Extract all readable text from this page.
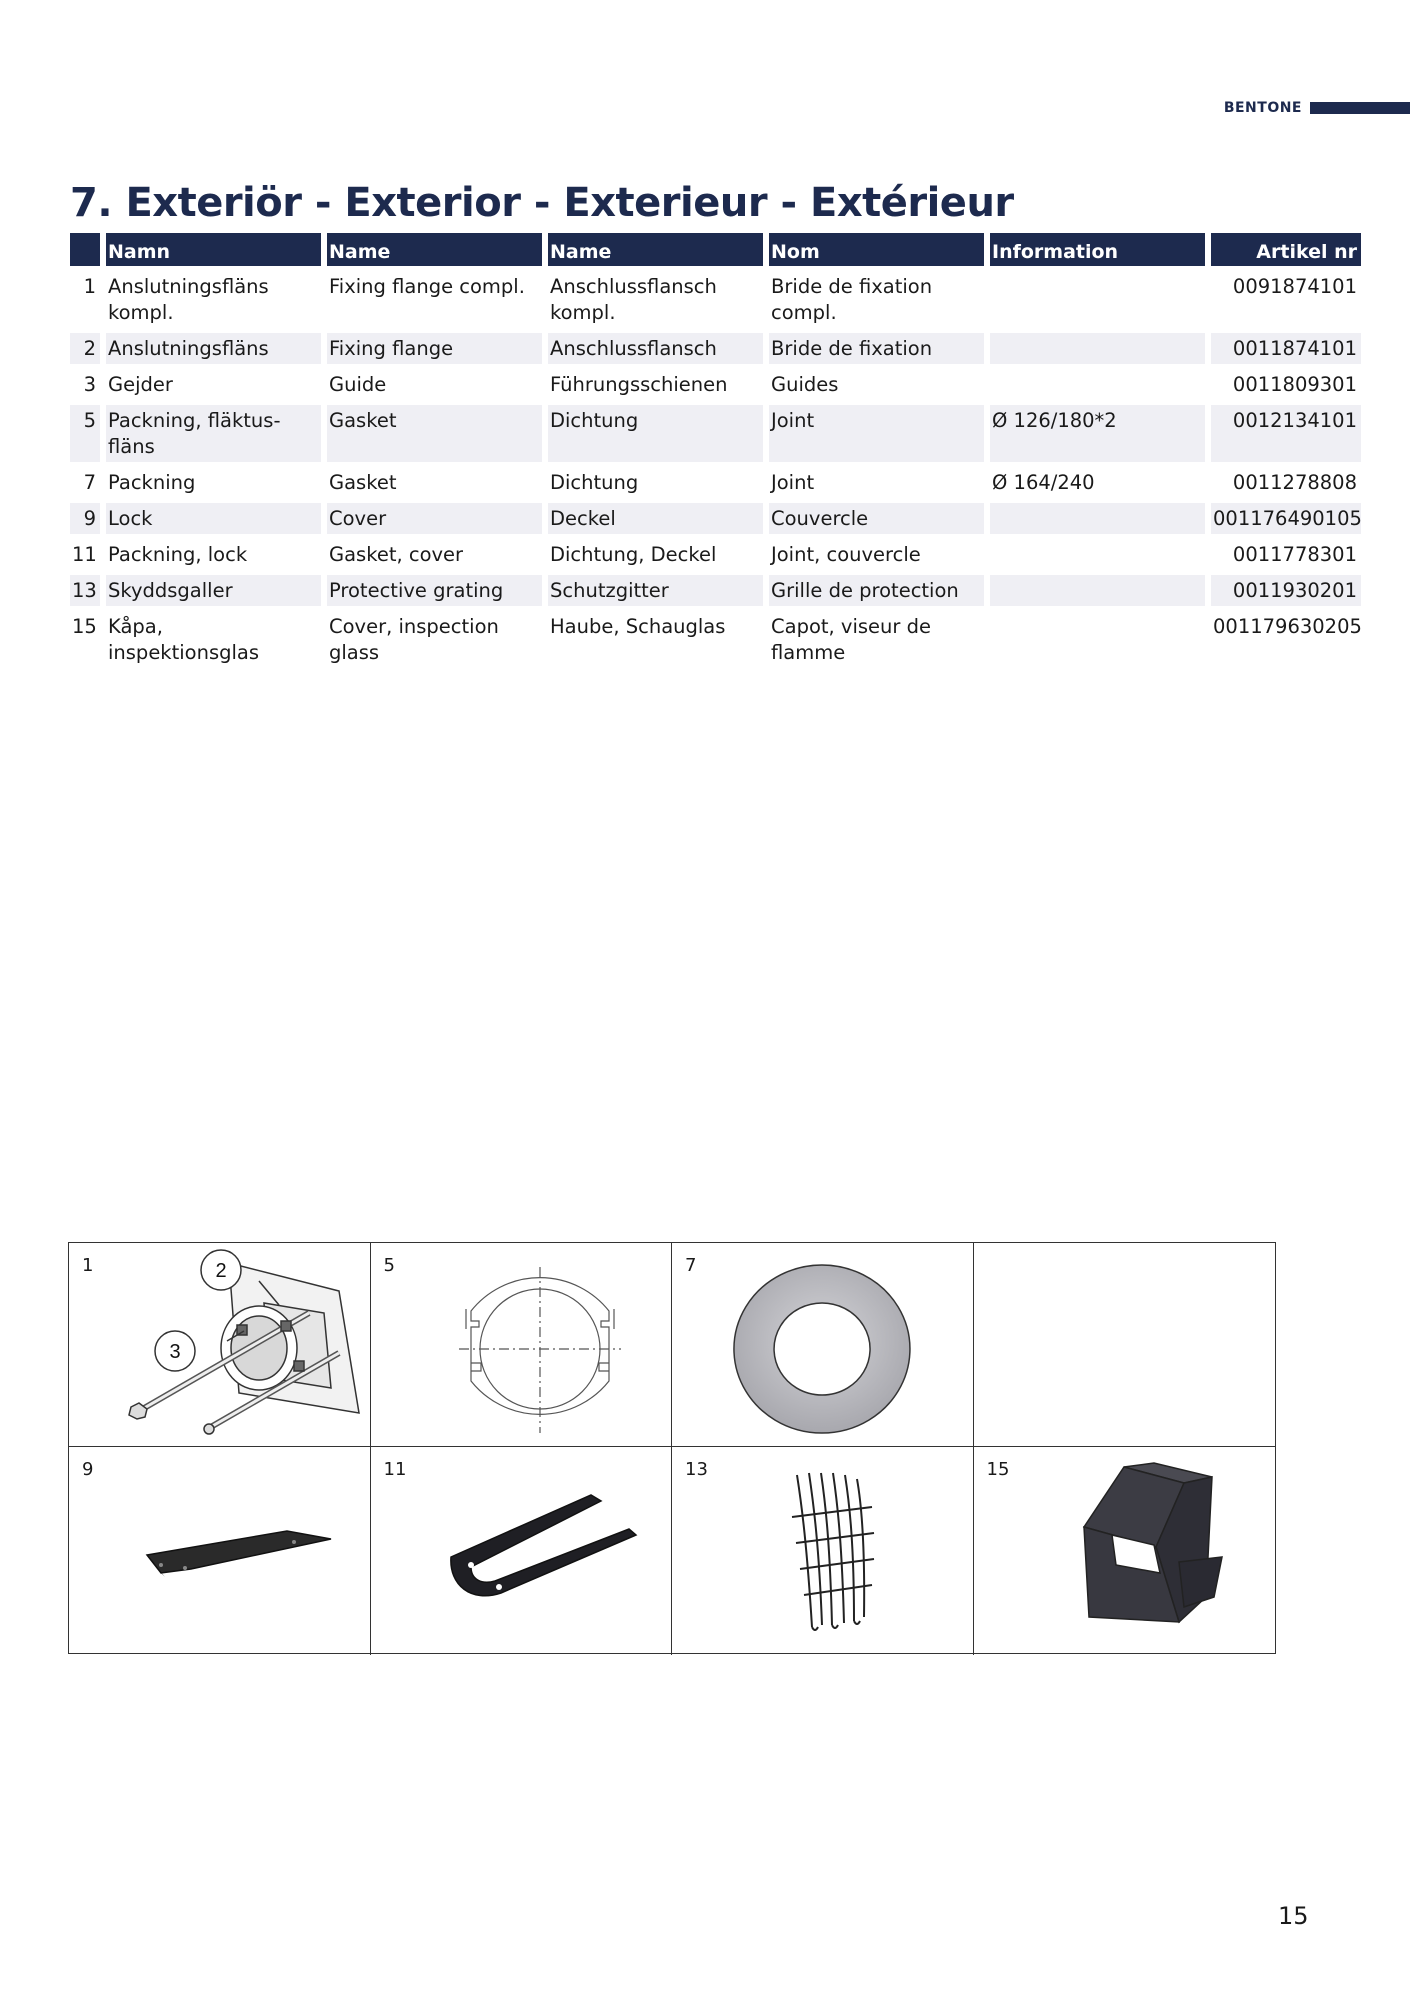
BENTONE
7. Exteriör - Exterior - Exterieur - Extérieur
	Namn	Name	Name	Nom	Information	Artikel nr
1	Anslutningsfläns kompl.	Fixing flange compl.	Anschlussflansch kompl.	Bride de fixation compl.		0091874101
2	Anslutningsfläns	Fixing flange	Anschlussflansch	Bride de fixation		0011874101
3	Gejder	Guide	Führungsschienen	Guides		0011809301
5	Packning, fläktus-fläns	Gasket	Dichtung	Joint	Ø 126/180*2	0012134101
7	Packning	Gasket	Dichtung	Joint	Ø 164/240	0011278808
9	Lock	Cover	Deckel	Couvercle		001176490105
11	Packning, lock	Gasket, cover	Dichtung, Deckel	Joint, couvercle		0011778301
13	Skyddsgaller	Protective grating	Schutzgitter	Grille de protection		0011930201
15	Kåpa, inspektionsglas	Cover, inspection glass	Haube, Schauglas	Capot, viseur de flamme		001179630205
1	2
3
5	7
9	11	13	15
15
